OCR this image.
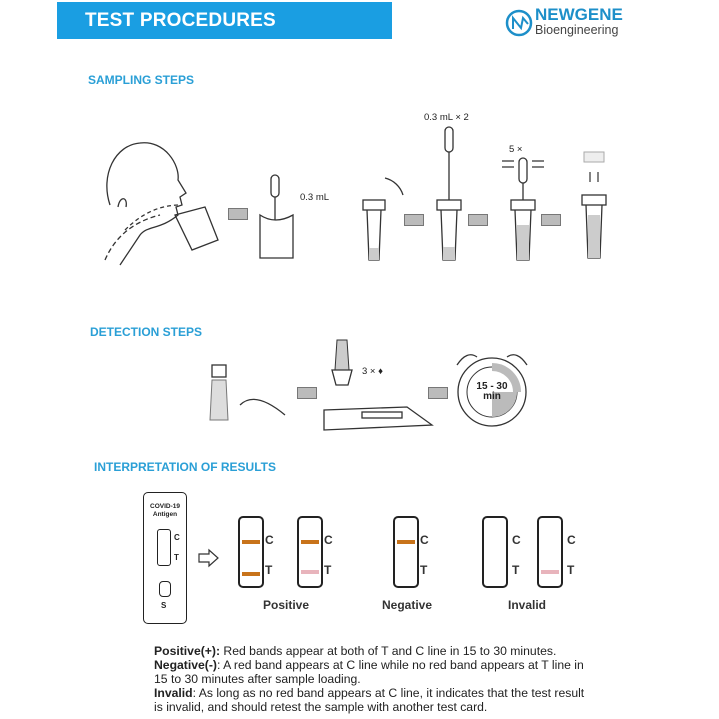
TEST PROCEDURES	NEWGENE
Bioengineering
SAMPLING STEPS
0.3 mL
0.3 mL × 2
5 ×
DETECTION STEPS
3 × ♦
15 - 30
min
INTERPRETATION OF RESULTS
COVID-19
Antigen
C
T
S
C
T
C
T
Positive
C
T
Negative
C
T
C
T
Invalid
Positive(+): Red bands appear at both of T and C line in 15 to 30 minutes.
Negative(-): A red band appears at C line while no red band appears at T line in 15 to 30 minutes after sample loading.
Invalid: As long as no red band appears at C line, it indicates that the test result is invalid, and should retest the sample with another test card.
